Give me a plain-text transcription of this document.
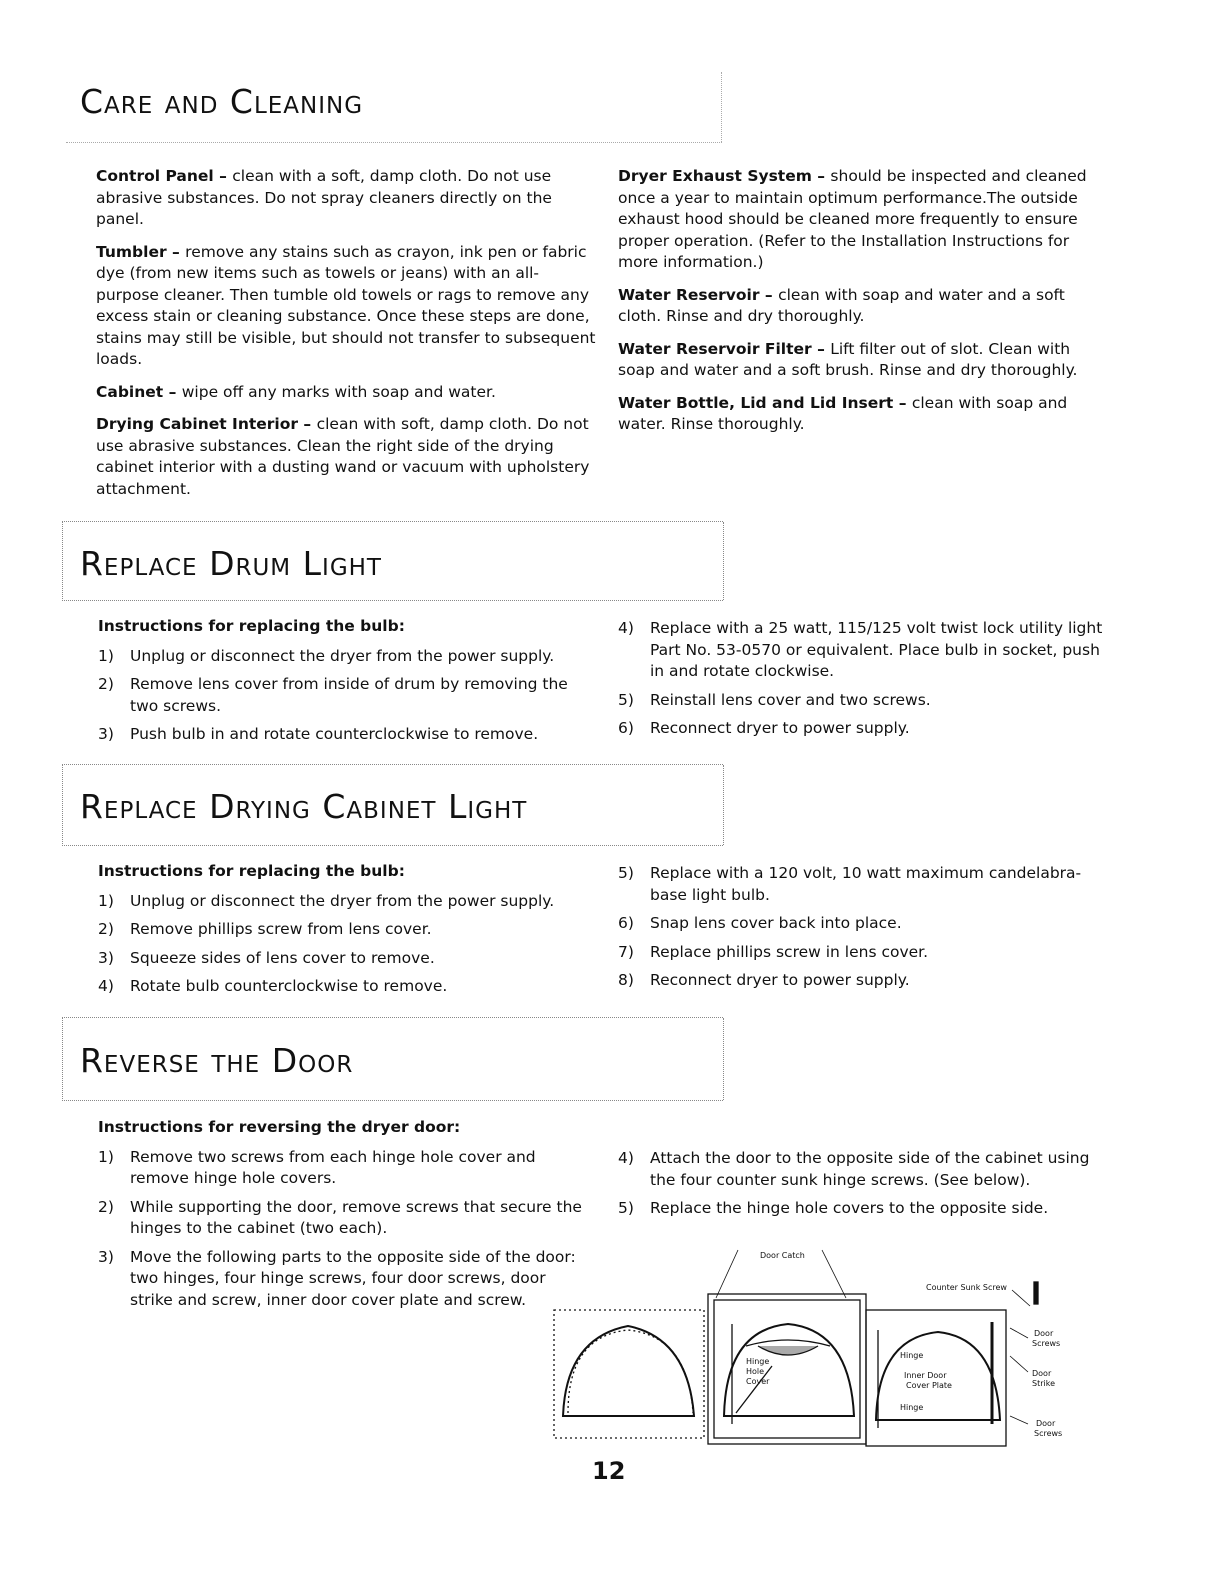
Care and Cleaning

Control Panel – clean with a soft, damp cloth. Do not use abrasive substances. Do not spray cleaners directly on the panel.

Tumbler – remove any stains such as crayon, ink pen or fabric dye (from new items such as towels or jeans) with an all-purpose cleaner. Then tumble old towels or rags to remove any excess stain or cleaning substance. Once these steps are done, stains may still be visible, but should not transfer to subsequent loads.

Cabinet – wipe off any marks with soap and water.

Drying Cabinet Interior – clean with soft, damp cloth. Do not use abrasive substances. Clean the right side of the drying cabinet interior with a dusting wand or vacuum with upholstery attachment.

Dryer Exhaust System – should be inspected and cleaned once a year to maintain optimum performance.The outside exhaust hood should be cleaned more frequently to ensure proper operation. (Refer to the Installation Instructions for more information.)

Water Reservoir – clean with soap and water and a soft cloth. Rinse and dry thoroughly.

Water Reservoir Filter – Lift filter out of slot. Clean with soap and water and a soft brush. Rinse and dry thoroughly.

Water Bottle, Lid and Lid Insert – clean with soap and water. Rinse thoroughly.

Replace Drum Light
Instructions for replacing the bulb:
1)	Unplug or disconnect the dryer from the power supply.
2)	Remove lens cover from inside of drum by removing the two screws.
3)	Push bulb in and rotate counterclockwise to remove.
4)	Replace with a 25 watt, 115/125 volt twist lock utility light Part No. 53-0570 or equivalent. Place bulb in socket, push in and rotate clockwise.
5)	Reinstall lens cover and two screws.
6)	Reconnect dryer to power supply.
Replace Drying Cabinet Light
Instructions for replacing the bulb:
1)	Unplug or disconnect the dryer from the power supply.
2)	Remove phillips screw from lens cover.
3)	Squeeze sides of lens cover to remove.
4)	Rotate bulb counterclockwise to remove.
5)	Replace with a 120 volt, 10 watt maximum candelabra-base light bulb.
6)	Snap lens cover back into place.
7)	Replace phillips screw in lens cover.
8)	Reconnect dryer to power supply.
Reverse the Door
Instructions for reversing the dryer door:
1)	Remove two screws from each hinge hole cover and remove hinge hole covers.
2)	While supporting the door, remove screws that secure the hinges to the cabinet (two each).
3)	Move the following parts to the opposite side of the door: two hinges, four hinge screws, four door screws, door strike and screw, inner door cover plate and screw.
4)	Attach the door to the opposite side of the cabinet using the four counter sunk hinge screws. (See below).
5)	Replace the hinge hole covers to the opposite side.
Door Catch
Counter Sunk Screw
Hinge
Hole
Cover
Hinge
Inner Door
Cover Plate
Hinge
Door
Screws
Door
Strike
Door
Screws
12
